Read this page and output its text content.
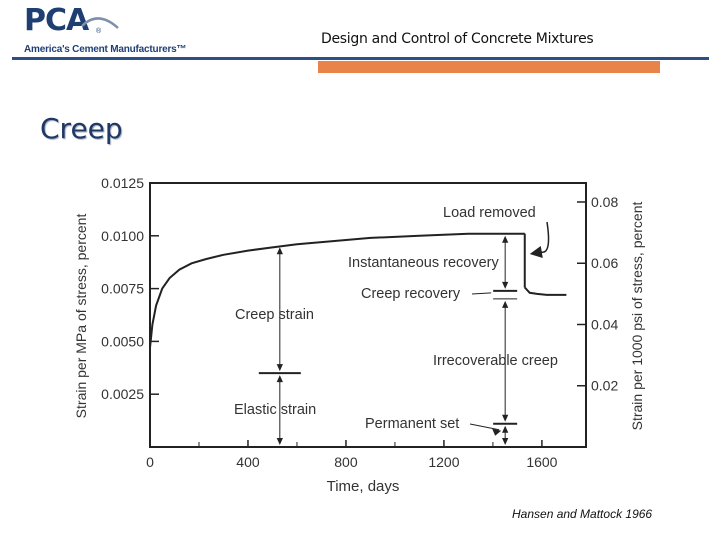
PCA ®
America's Cement Manufacturers™
Design and Control of Concrete Mixtures
Creep
0	400	800	1200	1600
0.0025
0.0050
0.0075
0.0100
0.0125
0.02
0.04
0.06
0.08
Load removed
Instantaneous recovery
Creep recovery
Creep strain
Irrecoverable creep
Elastic strain
Permanent set
Strain per MPa of stress, percent	Strain per 1000 psi of stress, percent
Time, days
Hansen and Mattock 1966
